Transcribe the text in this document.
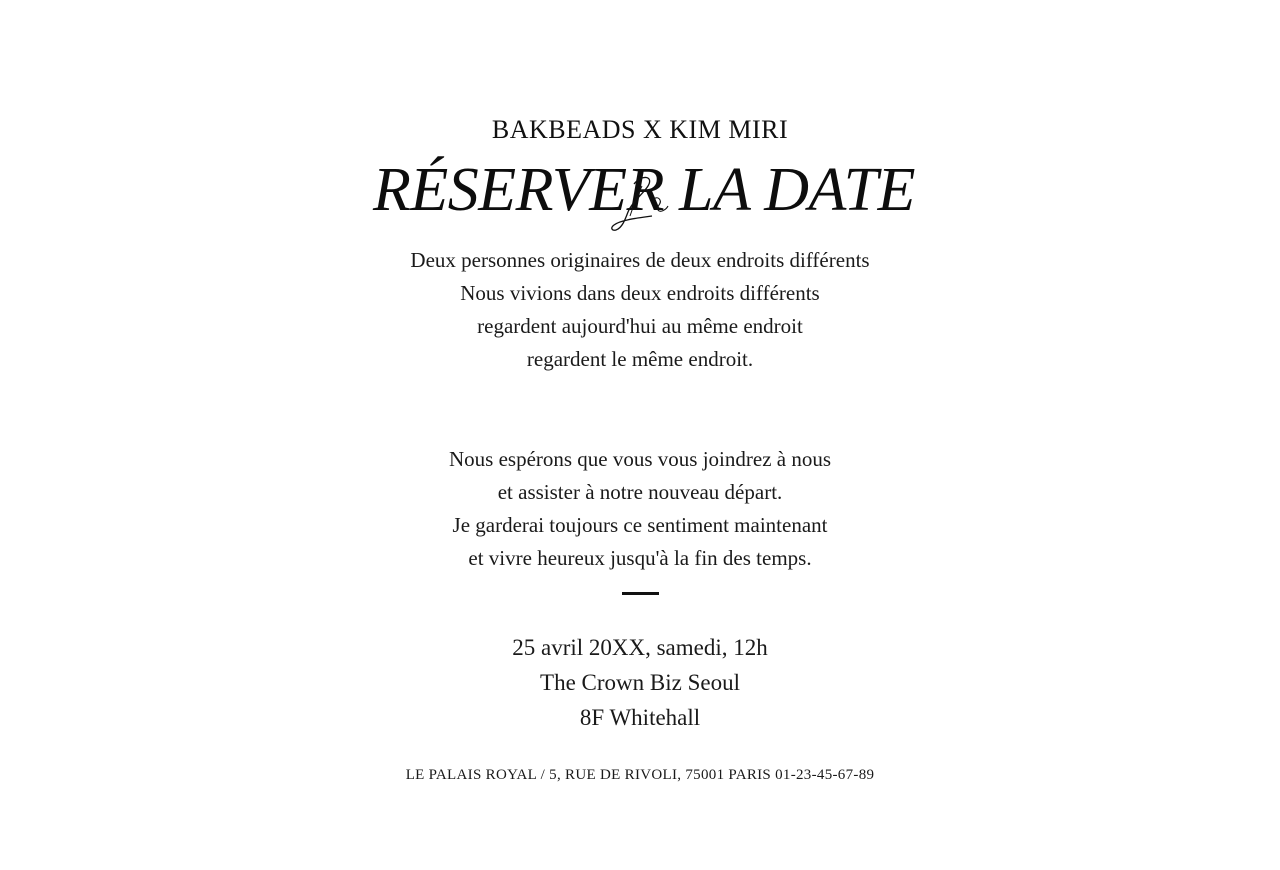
BAKBEADS X KIM MIRI
RÉSERVER LA DATE
Deux personnes originaires de deux endroits différents
Nous vivions dans deux endroits différents
regardent aujourd'hui au même endroit
regardent le même endroit.
Nous espérons que vous vous joindrez à nous
et assister à notre nouveau départ.
Je garderai toujours ce sentiment maintenant
et vivre heureux jusqu'à la fin des temps.
25 avril 20XX, samedi, 12h
The Crown Biz Seoul
8F Whitehall
LE PALAIS ROYAL / 5, RUE DE RIVOLI, 75001 PARIS 01-23-45-67-89
